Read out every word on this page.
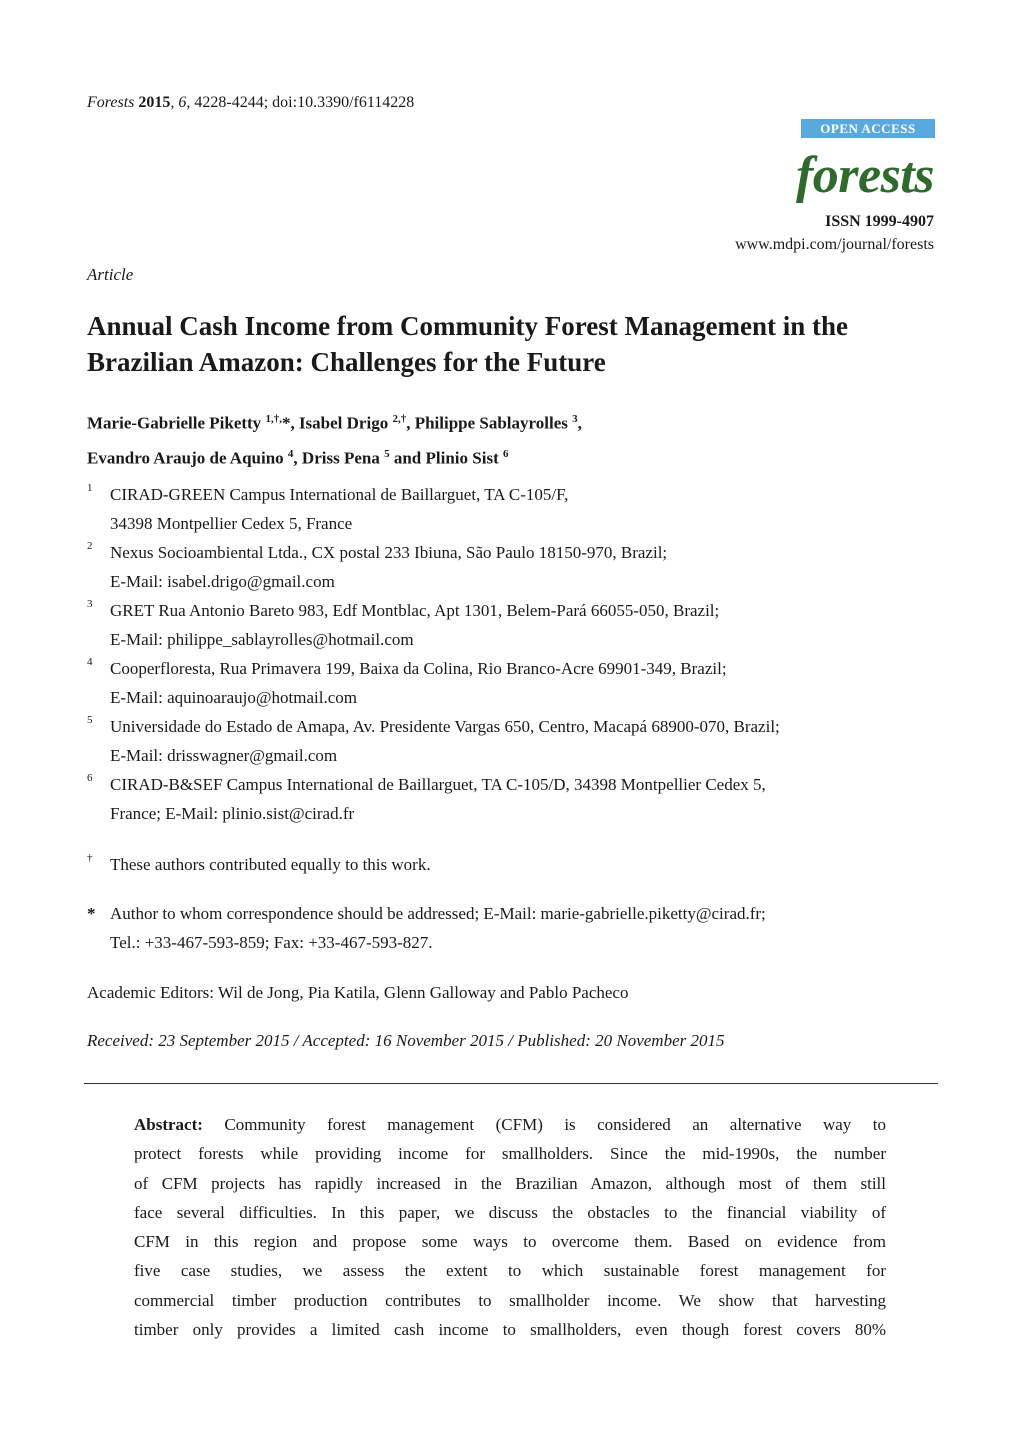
Forests 2015, 6, 4228-4244; doi:10.3390/f6114228
OPEN ACCESS
forests
ISSN 1999-4907
www.mdpi.com/journal/forests
Article
Annual Cash Income from Community Forest Management in the Brazilian Amazon: Challenges for the Future
Marie-Gabrielle Piketty $^{1,\dagger,}$*, Isabel Drigo $^{2,\dagger}$, Philippe Sablayrolles $^3$,
Evandro Araujo de Aquino $^4$, Driss Pena $^5$ and Plinio Sist $^6$
1 CIRAD-GREEN Campus International de Baillarguet, TA C-105/F,
34398 Montpellier Cedex 5, France
2 Nexus Socioambiental Ltda., CX postal 233 Ibiuna, São Paulo 18150-970, Brazil;
E-Mail: isabel.drigo@gmail.com
3 GRET Rua Antonio Bareto 983, Edf Montblac, Apt 1301, Belem-Pará 66055-050, Brazil;
E-Mail: philippe_sablayrolles@hotmail.com
4 Cooperfloresta, Rua Primavera 199, Baixa da Colina, Rio Branco-Acre 69901-349, Brazil;
E-Mail: aquinoaraujo@hotmail.com
5 Universidade do Estado de Amapa, Av. Presidente Vargas 650, Centro, Macapá 68900-070, Brazil;
E-Mail: drisswagner@gmail.com
6 CIRAD-B&SEF Campus International de Baillarguet, TA C-105/D, 34398 Montpellier Cedex 5,
France; E-Mail: plinio.sist@cirad.fr
† These authors contributed equally to this work.
* Author to whom correspondence should be addressed; E-Mail: marie-gabrielle.piketty@cirad.fr;
Tel.: +33-467-593-859; Fax: +33-467-593-827.
Academic Editors: Wil de Jong, Pia Katila, Glenn Galloway and Pablo Pacheco
Received: 23 September 2015 / Accepted: 16 November 2015 / Published: 20 November 2015
Abstract: Community forest management (CFM) is considered an alternative way to
protect forests while providing income for smallholders. Since the mid-1990s, the number
of CFM projects has rapidly increased in the Brazilian Amazon, although most of them still
face several difficulties. In this paper, we discuss the obstacles to the financial viability of
CFM in this region and propose some ways to overcome them. Based on evidence from
five case studies, we assess the extent to which sustainable forest management for
commercial timber production contributes to smallholder income. We show that harvesting
timber only provides a limited cash income to smallholders, even though forest covers 80%
